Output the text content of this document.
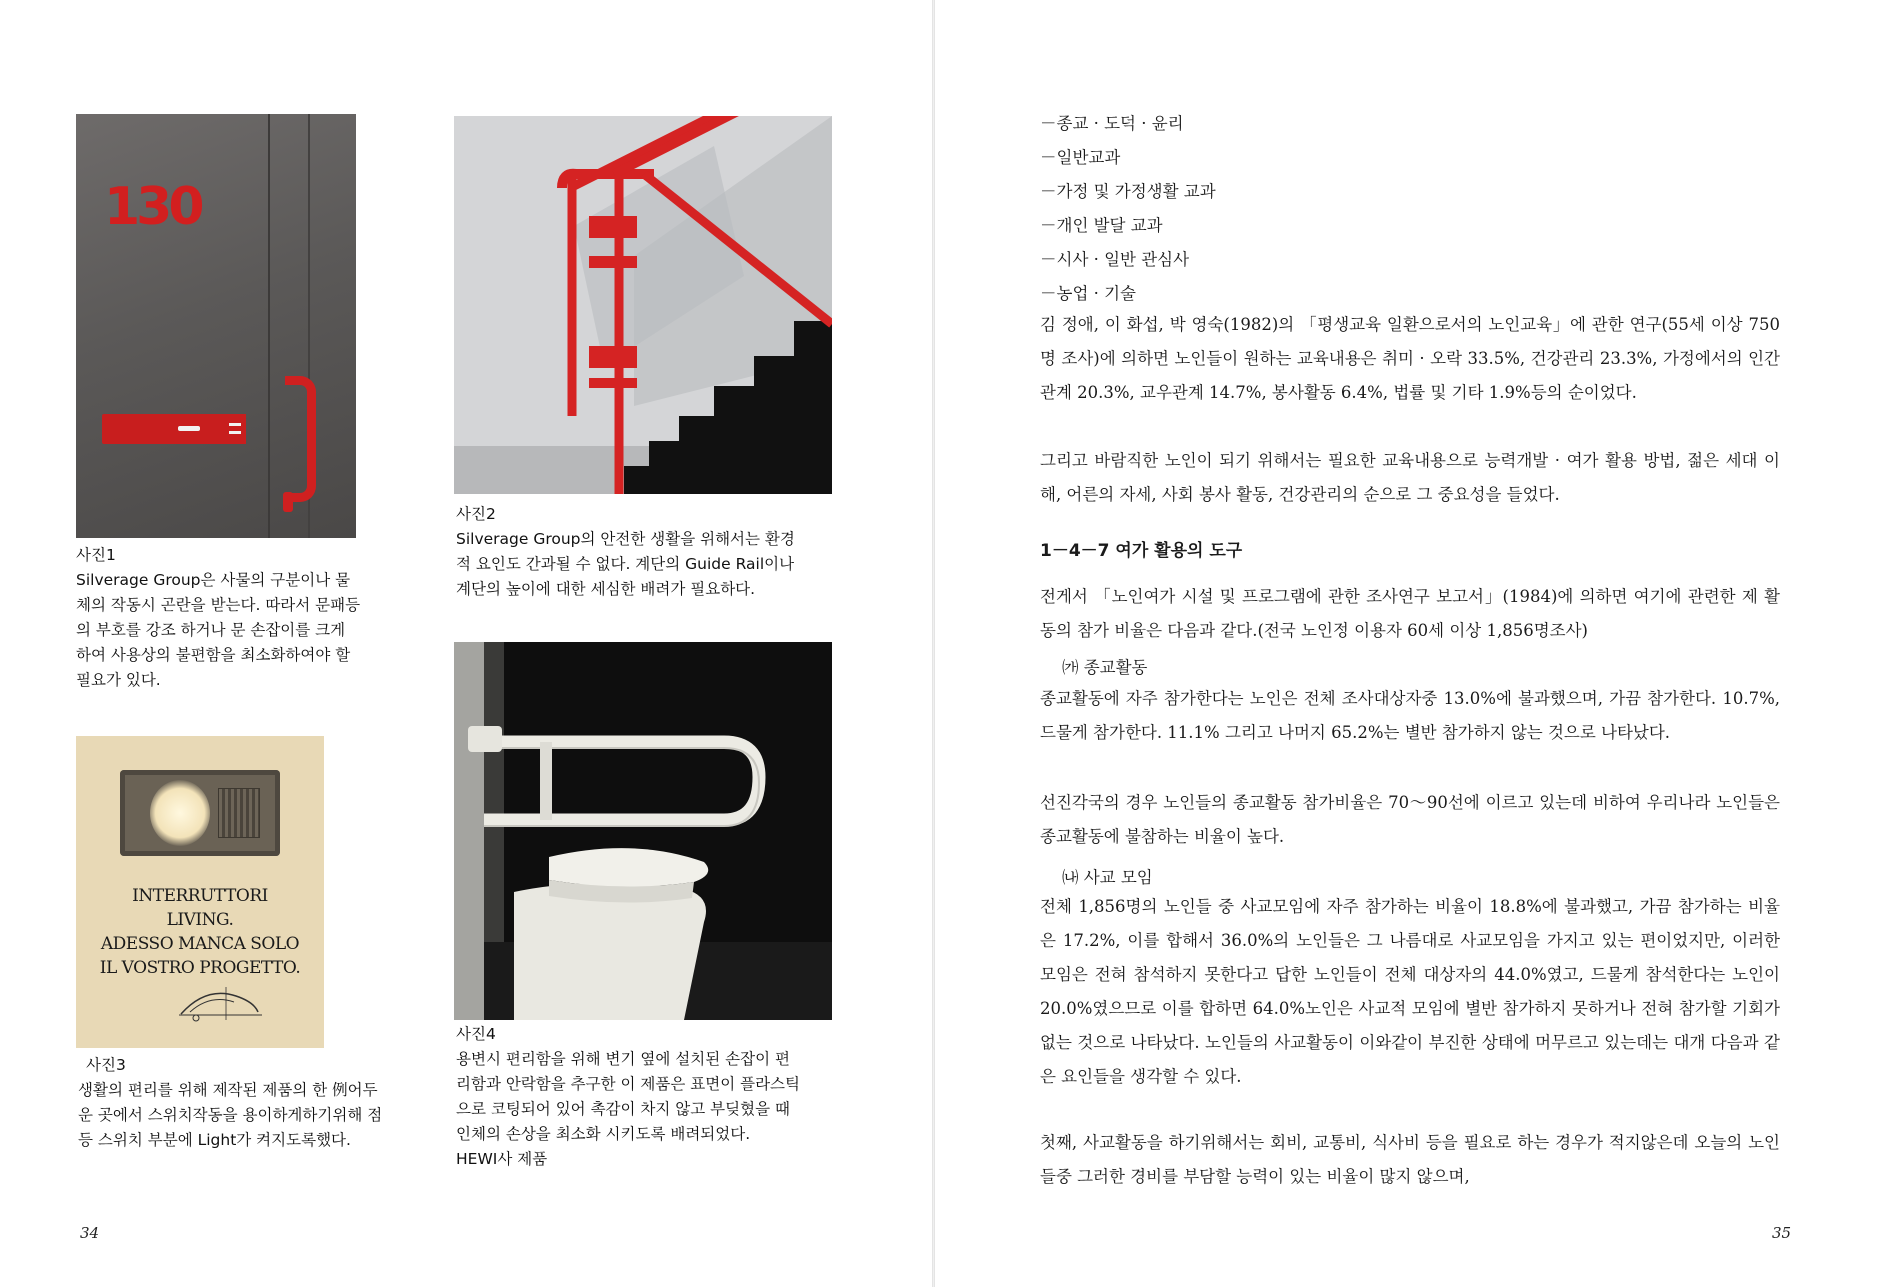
130
사진1
Silverage Group은 사물의 구분이나 물체의 작동시 곤란을 받는다. 따라서 문패등의 부호를 강조 하거나 문 손잡이를 크게 하여 사용상의 불편함을 최소화하여야 할 필요가 있다.
사진2
Silverage Group의 안전한 생활을 위해서는 환경적 요인도 간과될 수 없다. 계단의 Guide Rail이나 계단의 높이에 대한 세심한 배려가 필요하다.
INTERRUTTORI
LIVING.
ADESSO MANCA SOLO
IL VOSTRO PROGETTO.
사진3
생활의 편리를 위해 제작된 제품의 한 例어두운 곳에서 스위치작동을 용이하게하기위해 점등 스위치 부분에 Light가 켜지도록했다.
사진4
용변시 편리함을 위해 변기 옆에 설치된 손잡이 편리함과 안락함을 추구한 이 제품은 표면이 플라스틱으로 코팅되어 있어 촉감이 차지 않고 부딪혔을 때 인체의 손상을 최소화 시키도록 배려되었다.
HEWI사 제품
34
－종교 · 도덕 · 윤리
－일반교과
－가정 및 가정생활 교과
－개인 발달 교과
－시사 · 일반 관심사
－농업 · 기술
김 정애, 이 화섭, 박 영숙(1982)의 「평생교육 일환으로서의 노인교육」에 관한 연구(55세 이상 750명 조사)에 의하면 노인들이 원하는 교육내용은 취미 · 오락 33.5%, 건강관리 23.3%, 가정에서의 인간관계 20.3%, 교우관계 14.7%, 봉사활동 6.4%, 법률 및 기타 1.9%등의 순이었다.
그리고 바람직한 노인이 되기 위해서는 필요한 교육내용으로 능력개발 · 여가 활용 방법, 젊은 세대 이해, 어른의 자세, 사회 봉사 활동, 건강관리의 순으로 그 중요성을 들었다.
1－4－7 여가 활용의 도구
전게서 「노인여가 시설 및 프로그램에 관한 조사연구 보고서」(1984)에 의하면 여기에 관련한 제 활동의 참가 비율은 다음과 같다.(전국 노인정 이용자 60세 이상 1,856명조사)
㈎ 종교활동
종교활동에 자주 참가한다는 노인은 전체 조사대상자중 13.0%에 불과했으며, 가끔 참가한다. 10.7%, 드물게 참가한다. 11.1% 그리고 나머지 65.2%는 별반 참가하지 않는 것으로 나타났다.
선진각국의 경우 노인들의 종교활동 참가비율은 70～90선에 이르고 있는데 비하여 우리나라 노인들은 종교활동에 불참하는 비율이 높다.
㈏ 사교 모임
전체 1,856명의 노인들 중 사교모임에 자주 참가하는 비율이 18.8%에 불과했고, 가끔 참가하는 비율은 17.2%, 이를 합해서 36.0%의 노인들은 그 나름대로 사교모임을 가지고 있는 편이었지만, 이러한 모임은 전혀 참석하지 못한다고 답한 노인들이 전체 대상자의 44.0%였고, 드물게 참석한다는 노인이 20.0%였으므로 이를 합하면 64.0%노인은 사교적 모임에 별반 참가하지 못하거나 전혀 참가할 기회가 없는 것으로 나타났다. 노인들의 사교활동이 이와같이 부진한 상태에 머무르고 있는데는 대개 다음과 같은 요인들을 생각할 수 있다.
첫째, 사교활동을 하기위해서는 회비, 교통비, 식사비 등을 필요로 하는 경우가 적지않은데 오늘의 노인들중 그러한 경비를 부담할 능력이 있는 비율이 많지 않으며,
35
